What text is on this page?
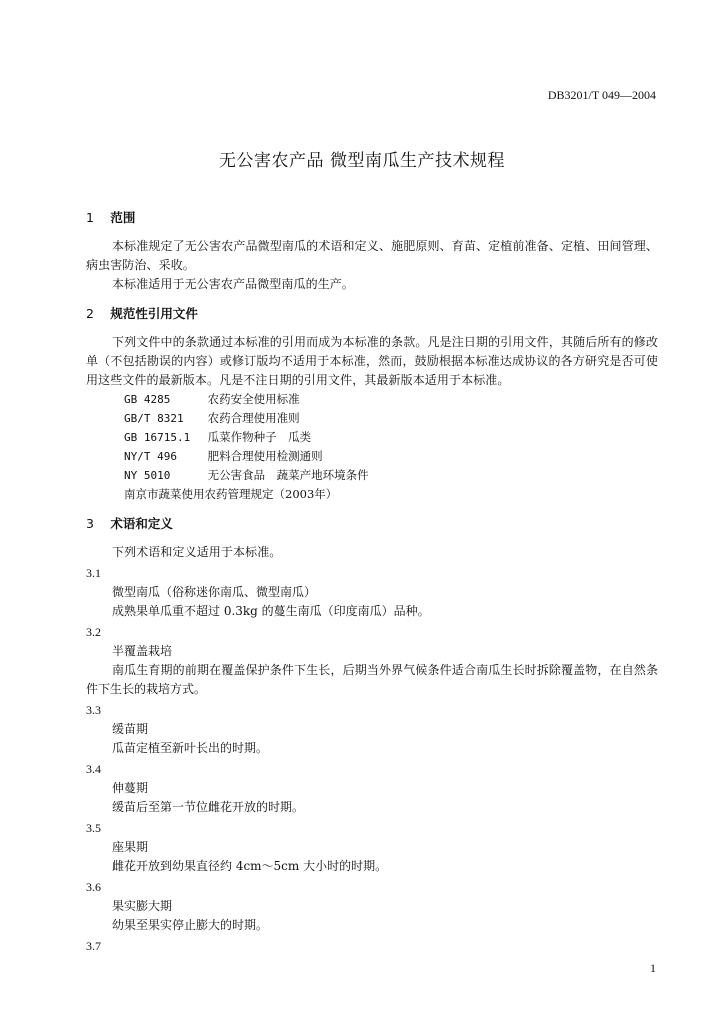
DB3201/T 049—2004
无公害农产品 微型南瓜生产技术规程
1 范围

本标准规定了无公害农产品微型南瓜的术语和定义、施肥原则、育苗、定植前准备、定植、田间管理、病虫害防治、采收。

本标准适用于无公害农产品微型南瓜的生产。

2 规范性引用文件

下列文件中的条款通过本标准的引用而成为本标准的条款。凡是注日期的引用文件，其随后所有的修改单（不包括勘误的内容）或修订版均不适用于本标准，然而，鼓励根据本标准达成协议的各方研究是否可使用这些文件的最新版本。凡是不注日期的引用文件，其最新版本适用于本标准。

GB 4285	农药安全使用标准
GB/T 8321 农药合理使用准则
GB 16715.1 瓜菜作物种子　瓜类
NY/T 496	肥料合理使用检测通则
NY 5010	无公害食品　蔬菜产地环境条件
南京市蔬菜使用农药管理规定（2003年）
3 术语和定义

下列术语和定义适用于本标准。

3.1

微型南瓜（俗称迷你南瓜、微型南瓜）

成熟果单瓜重不超过 0.3kg 的蔓生南瓜（印度南瓜）品种。

3.2

半覆盖栽培

南瓜生育期的前期在覆盖保护条件下生长，后期当外界气候条件适合南瓜生长时拆除覆盖物，在自然条件下生长的栽培方式。

3.3

缓苗期

瓜苗定植至新叶长出的时期。

3.4

伸蔓期

缓苗后至第一节位雌花开放的时期。

3.5

座果期

雌花开放到幼果直径约 4cm～5cm 大小时的时期。

3.6

果实膨大期

幼果至果实停止膨大的时期。

3.7
1
